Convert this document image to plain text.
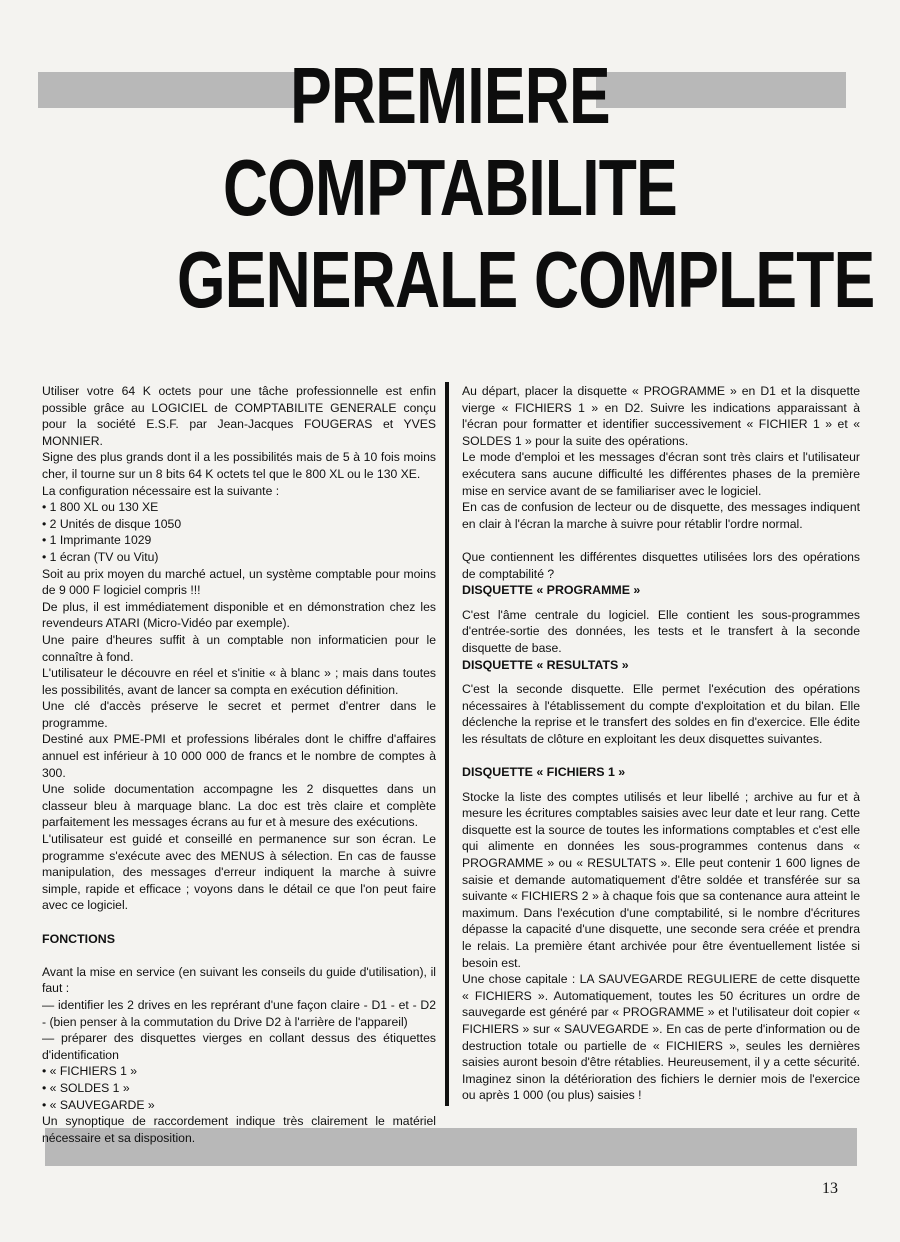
PREMIERE
COMPTABILITE
GENERALE COMPLETE

Utiliser votre 64 K octets pour une tâche professionnelle est enfin possible grâce au LOGICIEL de COMPTABILITE GENERALE conçu pour la société E.S.F. par Jean-Jacques FOUGERAS et YVES MONNIER.

Signe des plus grands dont il a les possibilités mais de 5 à 10 fois moins cher, il tourne sur un 8 bits 64 K octets tel que le 800 XL ou le 130 XE.

La configuration nécessaire est la suivante :

• 1 800 XL ou 130 XE
• 2 Unités de disque 1050
• 1 Imprimante 1029
• 1 écran (TV ou Vitu)

Soit au prix moyen du marché actuel, un système comptable pour moins de 9 000 F logiciel compris !!!

De plus, il est immédiatement disponible et en démonstration chez les revendeurs ATARI (Micro-Vidéo par exemple).

Une paire d'heures suffit à un comptable non informaticien pour le connaître à fond.

L'utilisateur le découvre en réel et s'initie « à blanc » ; mais dans toutes les possibilités, avant de lancer sa compta en exécution définition.

Une clé d'accès préserve le secret et permet d'entrer dans le programme.

Destiné aux PME-PMI et professions libérales dont le chiffre d'affaires annuel est inférieur à 10 000 000 de francs et le nombre de comptes à 300.

Une solide documentation accompagne les 2 disquettes dans un classeur bleu à marquage blanc. La doc est très claire et complète parfaitement les messages écrans au fur et à mesure des exécutions.

L'utilisateur est guidé et conseillé en permanence sur son écran. Le programme s'exécute avec des MENUS à sélection. En cas de fausse manipulation, des messages d'erreur indiquent la marche à suivre simple, rapide et efficace ; voyons dans le détail ce que l'on peut faire avec ce logiciel.

FONCTIONS

Avant la mise en service (en suivant les conseils du guide d'utilisation), il faut :

— identifier les 2 drives en les reprérant d'une façon claire - D1 - et - D2 - (bien penser à la commutation du Drive D2 à l'arrière de l'appareil)

— préparer des disquettes vierges en collant dessus des étiquettes d'identification

• « FICHIERS 1 »
• « SOLDES 1 »
• « SAUVEGARDE »

Un synoptique de raccordement indique très clairement le matériel nécessaire et sa disposition.

Au départ, placer la disquette « PROGRAMME » en D1 et la disquette vierge « FICHIERS 1 » en D2. Suivre les indications apparaissant à l'écran pour formatter et identifier successivement « FICHIER 1 » et « SOLDES 1 » pour la suite des opérations.

Le mode d'emploi et les messages d'écran sont très clairs et l'utilisateur exécutera sans aucune difficulté les différentes phases de la première mise en service avant de se familiariser avec le logiciel.

En cas de confusion de lecteur ou de disquette, des messages indiquent en clair à l'écran la marche à suivre pour rétablir l'ordre normal.

Que contiennent les différentes disquettes utilisées lors des opérations de comptabilité ?

DISQUETTE « PROGRAMME »

C'est l'âme centrale du logiciel. Elle contient les sous-programmes d'entrée-sortie des données, les tests et le transfert à la seconde disquette de base.

DISQUETTE « RESULTATS »

C'est la seconde disquette. Elle permet l'exécution des opérations nécessaires à l'établissement du compte d'exploitation et du bilan. Elle déclenche la reprise et le transfert des soldes en fin d'exercice. Elle édite les résultats de clôture en exploitant les deux disquettes suivantes.

DISQUETTE « FICHIERS 1 »

Stocke la liste des comptes utilisés et leur libellé ; archive au fur et à mesure les écritures comptables saisies avec leur date et leur rang. Cette disquette est la source de toutes les informations comptables et c'est elle qui alimente en données les sous-programmes contenus dans « PROGRAMME » ou « RESULTATS ». Elle peut contenir 1 600 lignes de saisie et demande automatiquement d'être soldée et transférée sur sa suivante « FICHIERS 2 » à chaque fois que sa contenance aura atteint le maximum. Dans l'exécution d'une comptabilité, si le nombre d'écritures dépasse la capacité d'une disquette, une seconde sera créée et prendra le relais. La première étant archivée pour être éventuellement listée si besoin est.

Une chose capitale : LA SAUVEGARDE REGULIERE de cette disquette « FICHIERS ». Automatiquement, toutes les 50 écritures un ordre de sauvegarde est généré par « PROGRAMME » et l'utilisateur doit copier « FICHIERS » sur « SAUVEGARDE ». En cas de perte d'information ou de destruction totale ou partielle de « FICHIERS », seules les dernières saisies auront besoin d'être rétablies. Heureusement, il y a cette sécurité. Imaginez sinon la détérioration des fichiers le dernier mois de l'exercice ou après 1 000 (ou plus) saisies !

13
